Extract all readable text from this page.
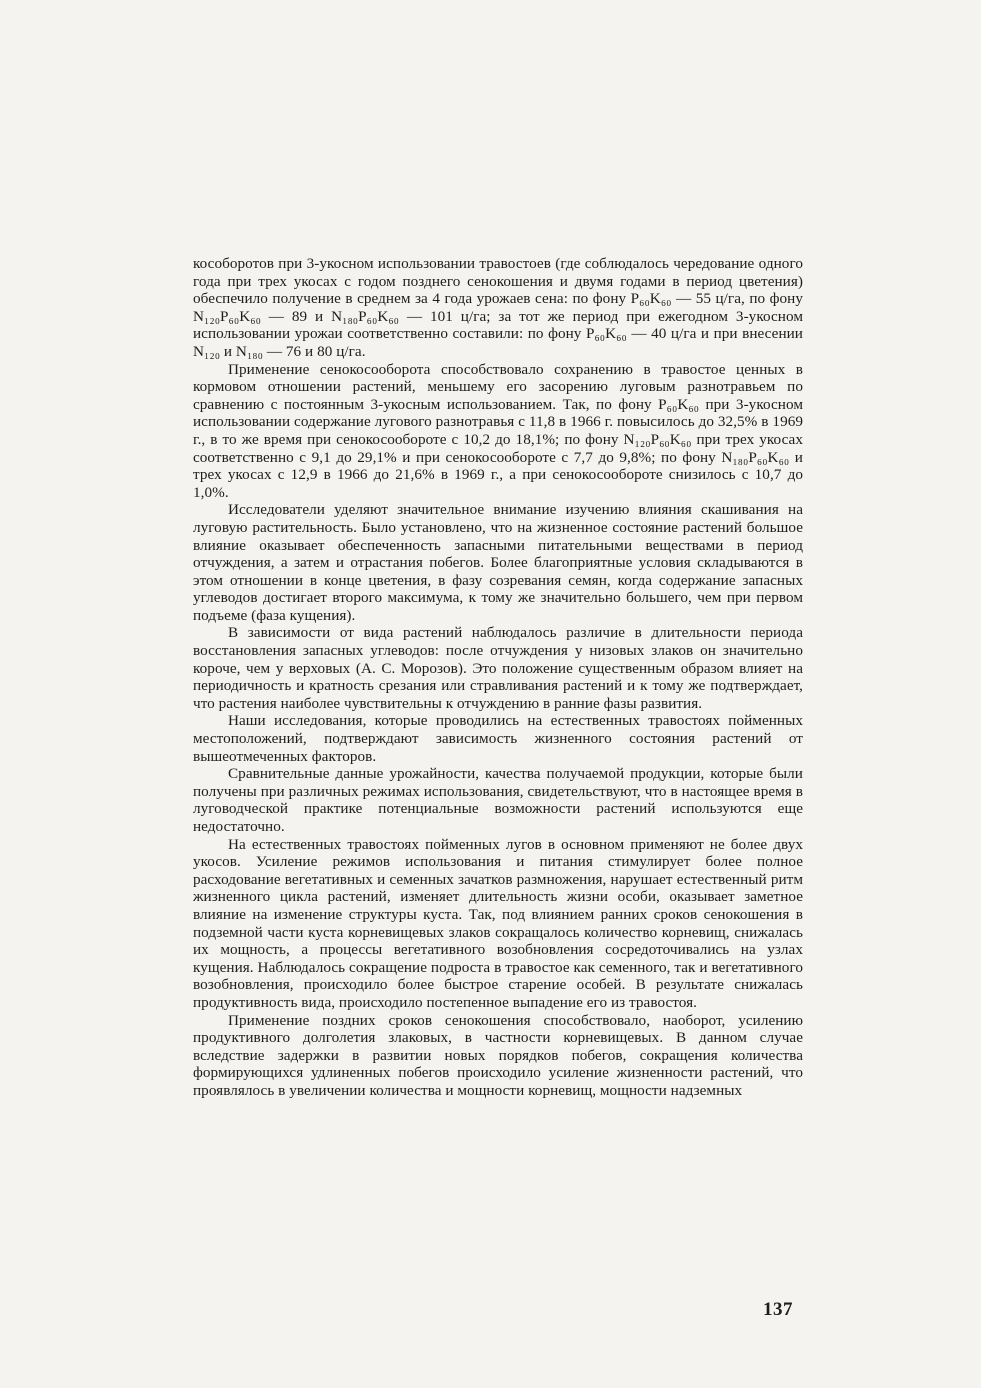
кособоротов при 3-укосном использовании травостоев (где соблюдалось чередование одного года при трех укосах с годом позднего сенокошения и двумя годами в период цветения) обеспечило получение в среднем за 4 года урожаев сена: по фону P₆₀K₆₀ — 55 ц/га, по фону N₁₂₀P₆₀K₆₀ — 89 и N₁₈₀P₆₀K₆₀ — 101 ц/га; за тот же период при ежегодном 3-укосном использовании урожаи соответственно составили: по фону P₆₀K₆₀ — 40 ц/га и при внесении N₁₂₀ и N₁₈₀ — 76 и 80 ц/га.

Применение сенокосооборота способствовало сохранению в травостое ценных в кормовом отношении растений, меньшему его засорению луговым разнотравьем по сравнению с постоянным 3-укосным использованием. Так, по фону P₆₀K₆₀ при 3-укосном использовании содержание лугового разнотравья с 11,8 в 1966 г. повысилось до 32,5% в 1969 г., в то же время при сенокосообороте с 10,2 до 18,1%; по фону N₁₂₀P₆₀K₆₀ при трех укосах соответственно с 9,1 до 29,1% и при сенокосообороте с 7,7 до 9,8%; по фону N₁₈₀P₆₀K₆₀ и трех укосах с 12,9 в 1966 до 21,6% в 1969 г., а при сенокосообороте снизилось с 10,7 до 1,0%.

Исследователи уделяют значительное внимание изучению влияния скашивания на луговую растительность. Было установлено, что на жизненное состояние растений большое влияние оказывает обеспеченность запасными питательными веществами в период отчуждения, а затем и отрастания побегов. Более благоприятные условия складываются в этом отношении в конце цветения, в фазу созревания семян, когда содержание запасных углеводов достигает второго максимума, к тому же значительно большего, чем при первом подъеме (фаза кущения).

В зависимости от вида растений наблюдалось различие в длительности периода восстановления запасных углеводов: после отчуждения у низовых злаков он значительно короче, чем у верховых (А. С. Морозов). Это положение существенным образом влияет на периодичность и кратность срезания или стравливания растений и к тому же подтверждает, что растения наиболее чувствительны к отчуждению в ранние фазы развития.

Наши исследования, которые проводились на естественных травостоях пойменных местоположений, подтверждают зависимость жизненного состояния растений от вышеотмеченных факторов.

Сравнительные данные урожайности, качества получаемой продукции, которые были получены при различных режимах использования, свидетельствуют, что в настоящее время в луговодческой практике потенциальные возможности растений используются еще недостаточно.

На естественных травостоях пойменных лугов в основном применяют не более двух укосов. Усиление режимов использования и питания стимулирует более полное расходование вегетативных и семенных зачатков размножения, нарушает естественный ритм жизненного цикла растений, изменяет длительность жизни особи, оказывает заметное влияние на изменение структуры куста. Так, под влиянием ранних сроков сенокошения в подземной части куста корневищевых злаков сокращалось количество корневищ, снижалась их мощность, а процессы вегетативного возобновления сосредоточивались на узлах кущения. Наблюдалось сокращение подроста в травостое как семенного, так и вегетативного возобновления, происходило более быстрое старение особей. В результате снижалась продуктивность вида, происходило постепенное выпадение его из травостоя.

Применение поздних сроков сенокошения способствовало, наоборот, усилению продуктивного долголетия злаковых, в частности корневищевых. В данном случае вследствие задержки в развитии новых порядков побегов, сокращения количества формирующихся удлиненных побегов происходило усиление жизненности растений, что проявлялось в увеличении количества и мощности корневищ, мощности надземных

137
